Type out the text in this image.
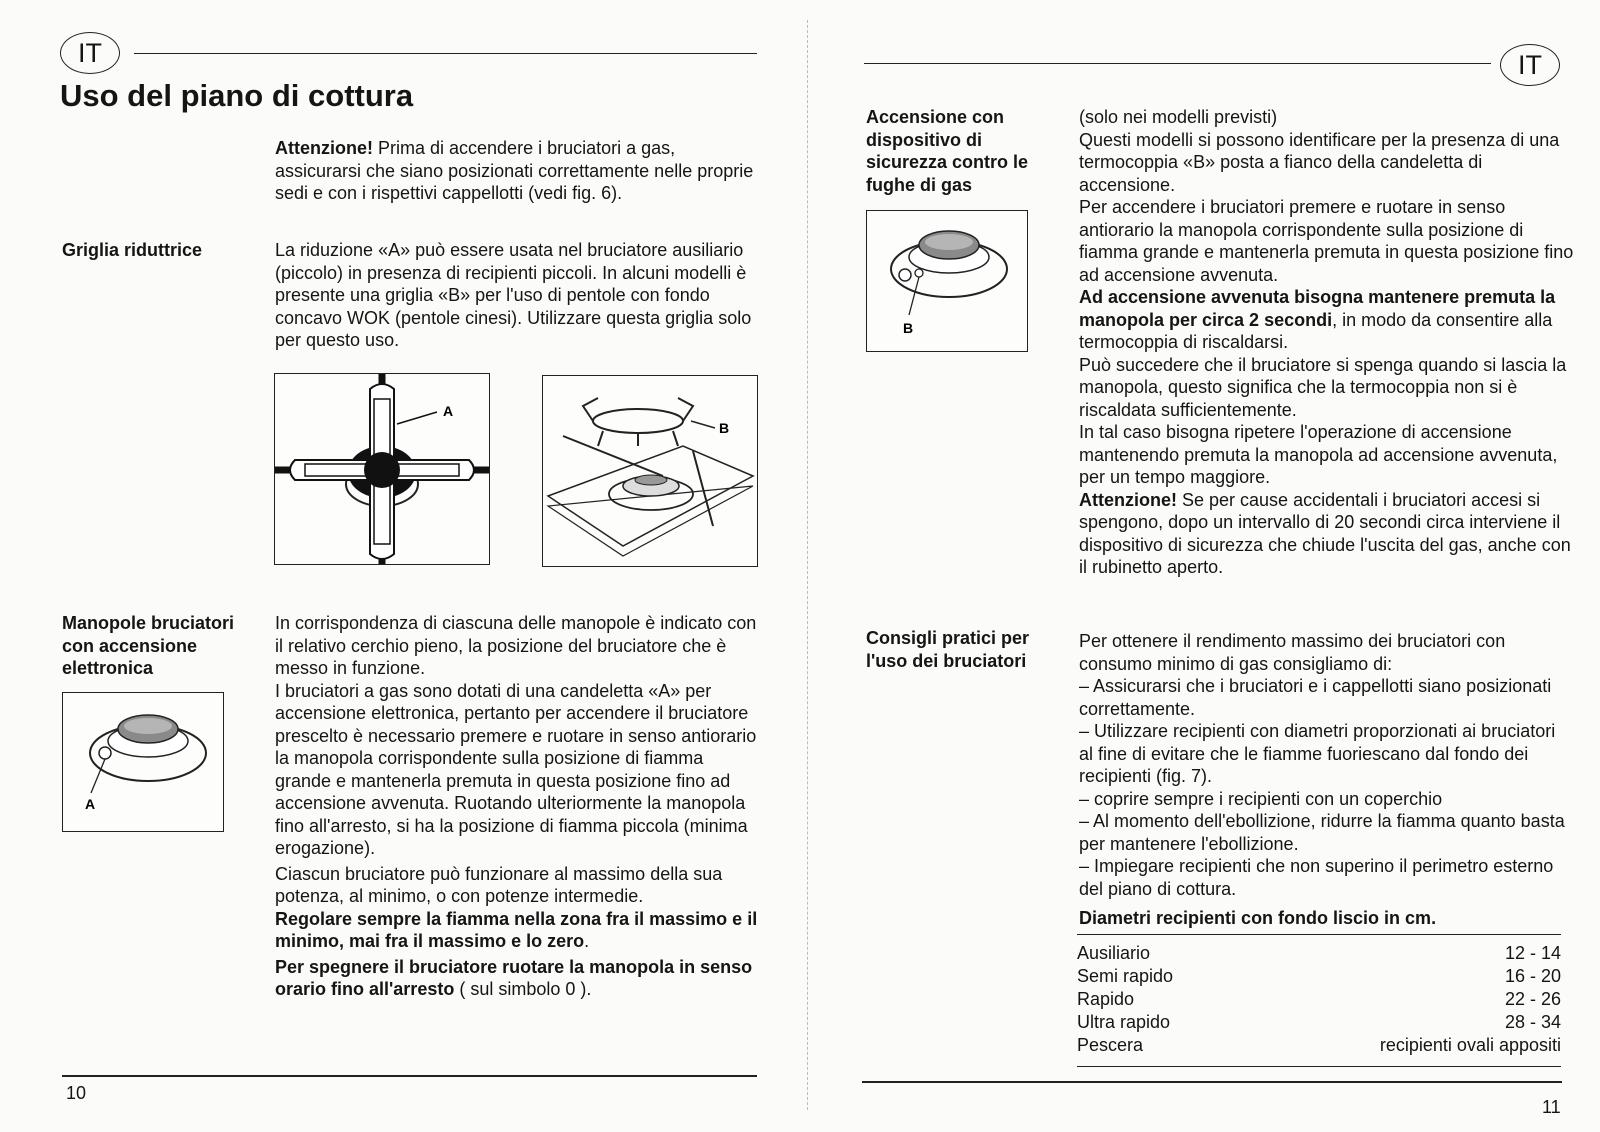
IT
Uso del piano di cottura
Attenzione! Prima di accendere i bruciatori a gas, assicurarsi che siano posizionati correttamente nelle proprie sedi e con i rispettivi cappellotti (vedi fig. 6).
Griglia riduttrice	La riduzione «A» può essere usata nel bruciatore ausiliario (piccolo) in presenza di recipienti piccoli. In alcuni modelli è presente una griglia «B» per l'uso di pentole con fondo concavo WOK (pentole cinesi). Utilizzare questa griglia solo per questo uso.
A
B
Manopole bruciatori con accensione elettronica
A

In corrispondenza di ciascuna delle manopole è indicato con il relativo cerchio pieno, la posizione del bruciatore che è messo in funzione.

I bruciatori a gas sono dotati di una candeletta «A» per accensione elettronica, pertanto per accendere il bruciatore prescelto è necessario premere e ruotare in senso antiorario la manopola corrispondente sulla posizione di fiamma grande e mantenerla premuta in questa posizione fino ad accensione avvenuta. Ruotando ulteriormente la manopola fino all'arresto, si ha la posizione di fiamma piccola (minima erogazione).

Ciascun bruciatore può funzionare al massimo della sua potenza, al minimo, o con potenze intermedie.

Regolare sempre la fiamma nella zona fra il massimo e il minimo, mai fra il massimo e lo zero.

Per spegnere il bruciatore ruotare la manopola in senso orario fino all'arresto ( sul simbolo 0 ).

10
IT
Accensione con dispositivo di sicurezza contro le fughe di gas
B

(solo nei modelli previsti)

Questi modelli si possono identificare per la presenza di una termocoppia «B» posta a fianco della candeletta di accensione.

Per accendere i bruciatori premere e ruotare in senso antiorario la manopola corrispondente sulla posizione di fiamma grande e mantenerla premuta in questa posizione fino ad accensione avvenuta.

Ad accensione avvenuta bisogna mantenere premuta la manopola per circa 2 secondi, in modo da consentire alla termocoppia di riscaldarsi.

Può succedere che il bruciatore si spenga quando si lascia la manopola, questo significa che la termocoppia non si è riscaldata sufficientemente.

In tal caso bisogna ripetere l'operazione di accensione mantenendo premuta la manopola ad accensione avvenuta, per un tempo maggiore.

Attenzione! Se per cause accidentali i bruciatori accesi si spengono, dopo un intervallo di 20 secondi circa interviene il dispositivo di sicurezza che chiude l'uscita del gas, anche con il rubinetto aperto.

Consigli pratici per l'uso dei bruciatori

Per ottenere il rendimento massimo dei bruciatori con consumo minimo di gas consigliamo di:

– Assicurarsi che i bruciatori e i cappellotti siano posizionati correttamente.

– Utilizzare recipienti con diametri proporzionati ai bruciatori al fine di evitare che le fiamme fuoriescano dal fondo dei recipienti (fig. 7).

– coprire sempre i recipienti con un coperchio

– Al momento dell'ebollizione, ridurre la fiamma quanto basta per mantenere l'ebollizione.

– Impiegare recipienti che non superino il perimetro esterno del piano di cottura.

Diametri recipienti con fondo liscio in cm.
Ausiliario	12 - 14
Semi rapido	16 - 20
Rapido	22 - 26
Ultra rapido	28 - 34
Pescera	recipienti ovali appositi
11
